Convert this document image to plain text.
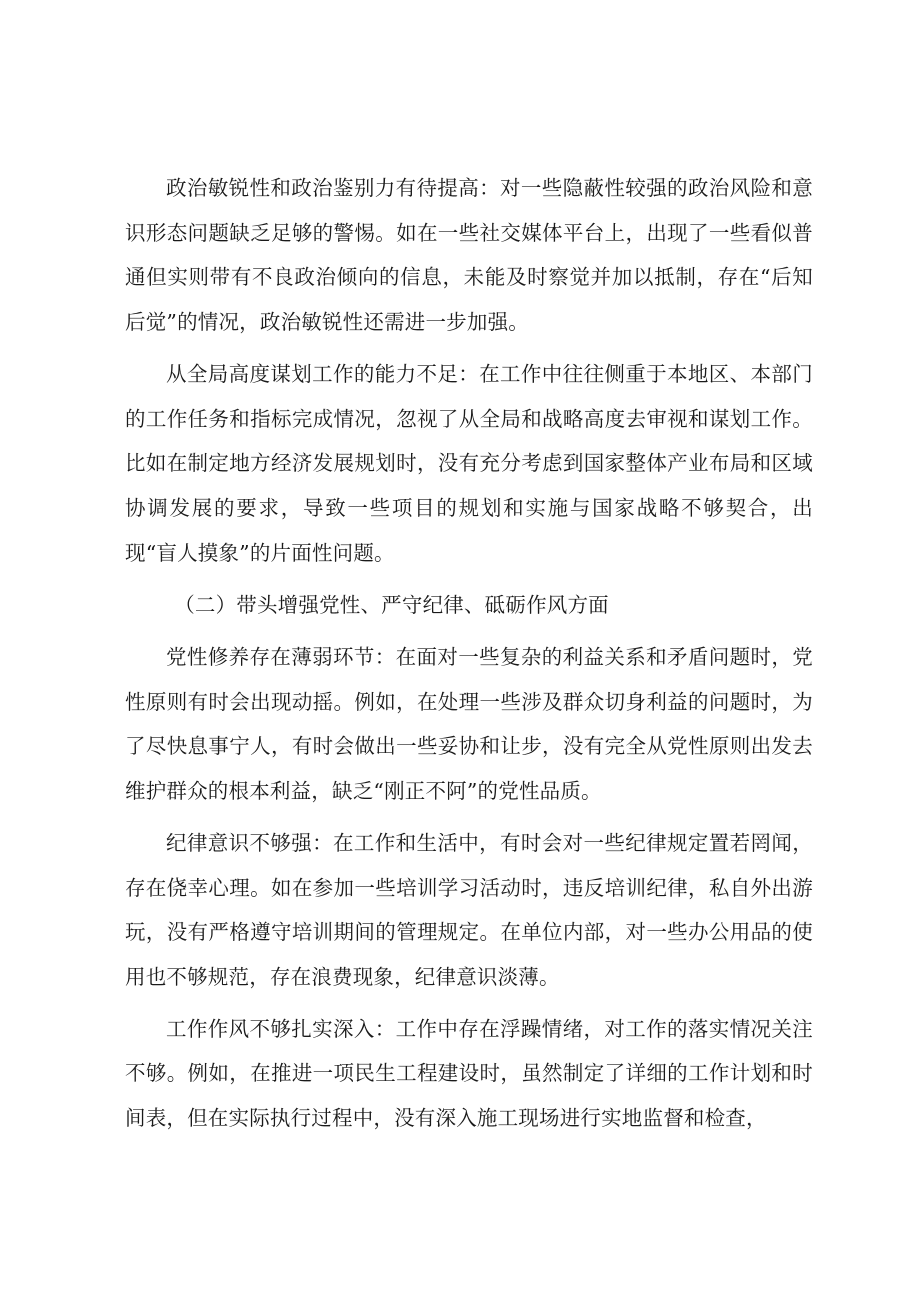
政治敏锐性和政治鉴别力有待提高：对一些隐蔽性较强的政治风险和意识形态问题缺乏足够的警惕。如在一些社交媒体平台上，出现了一些看似普通但实则带有不良政治倾向的信息，未能及时察觉并加以抵制，存在“后知后觉”的情况，政治敏锐性还需进一步加强。

从全局高度谋划工作的能力不足：在工作中往往侧重于本地区、本部门的工作任务和指标完成情况，忽视了从全局和战略高度去审视和谋划工作。比如在制定地方经济发展规划时，没有充分考虑到国家整体产业布局和区域协调发展的要求，导致一些项目的规划和实施与国家战略不够契合，出现“盲人摸象”的片面性问题。

（二）带头增强党性、严守纪律、砥砺作风方面

党性修养存在薄弱环节：在面对一些复杂的利益关系和矛盾问题时，党性原则有时会出现动摇。例如，在处理一些涉及群众切身利益的问题时，为了尽快息事宁人，有时会做出一些妥协和让步，没有完全从党性原则出发去维护群众的根本利益，缺乏“刚正不阿”的党性品质。

纪律意识不够强：在工作和生活中，有时会对一些纪律规定置若罔闻，存在侥幸心理。如在参加一些培训学习活动时，违反培训纪律，私自外出游玩，没有严格遵守培训期间的管理规定。在单位内部，对一些办公用品的使用也不够规范，存在浪费现象，纪律意识淡薄。

工作作风不够扎实深入：工作中存在浮躁情绪，对工作的落实情况关注不够。例如，在推进一项民生工程建设时，虽然制定了详细的工作计划和时间表，但在实际执行过程中，没有深入施工现场进行实地监督和检查，
